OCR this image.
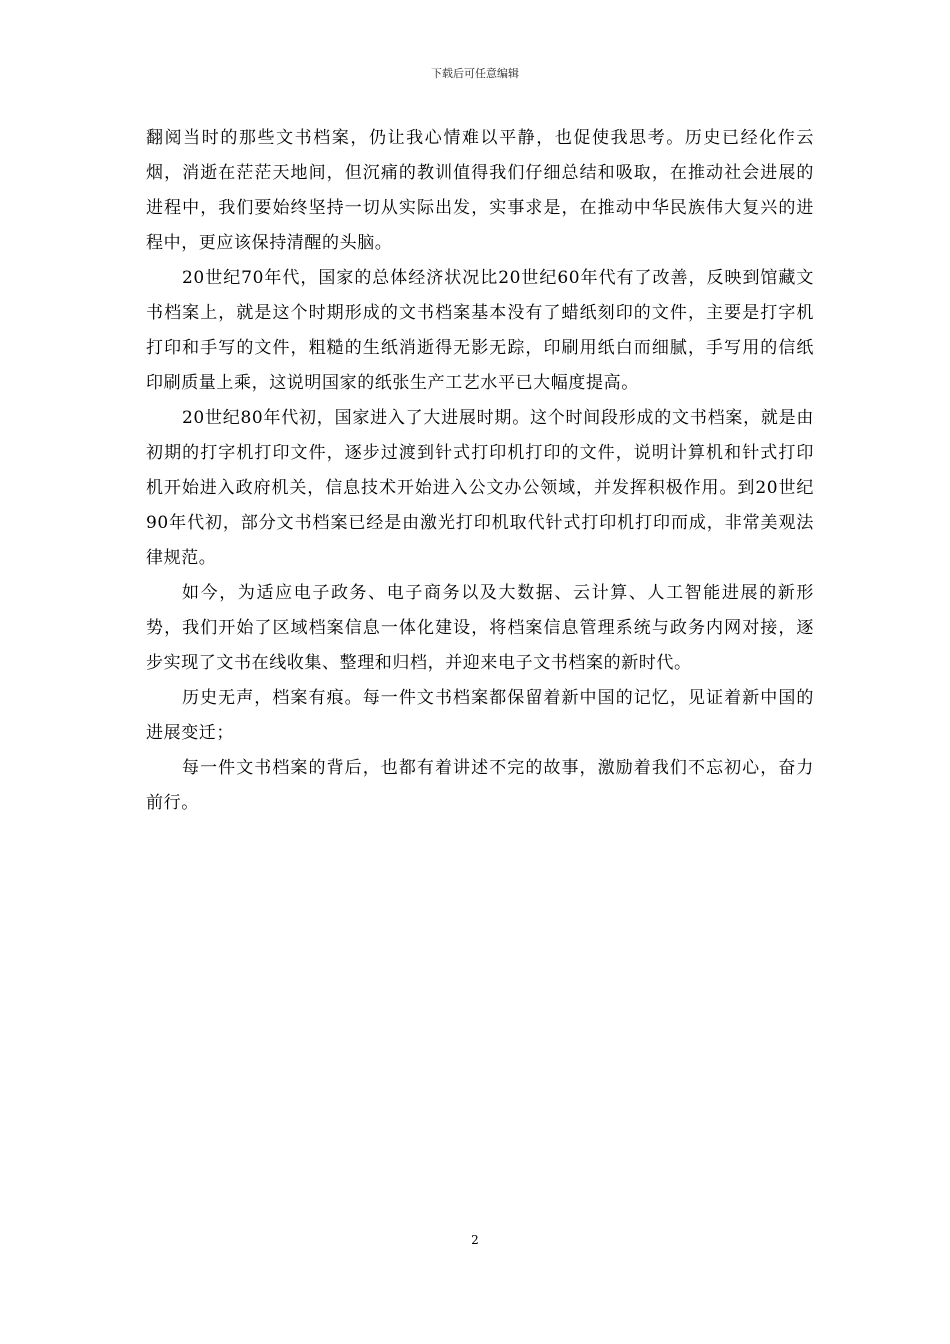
下载后可任意编辑

翻阅当时的那些文书档案，仍让我心情难以平静，也促使我思考。历史已经化作云烟，消逝在茫茫天地间，但沉痛的教训值得我们仔细总结和吸取，在推动社会进展的进程中，我们要始终坚持一切从实际出发，实事求是，在推动中华民族伟大复兴的进程中，更应该保持清醒的头脑。

20世纪70年代，国家的总体经济状况比20世纪60年代有了改善，反映到馆藏文书档案上，就是这个时期形成的文书档案基本没有了蜡纸刻印的文件，主要是打字机打印和手写的文件，粗糙的生纸消逝得无影无踪，印刷用纸白而细腻，手写用的信纸印刷质量上乘，这说明国家的纸张生产工艺水平已大幅度提高。

20世纪80年代初，国家进入了大进展时期。这个时间段形成的文书档案，就是由初期的打字机打印文件，逐步过渡到针式打印机打印的文件，说明计算机和针式打印机开始进入政府机关，信息技术开始进入公文办公领域，并发挥积极作用。到20世纪90年代初，部分文书档案已经是由激光打印机取代针式打印机打印而成，非常美观法律规范。

如今，为适应电子政务、电子商务以及大数据、云计算、人工智能进展的新形势，我们开始了区域档案信息一体化建设，将档案信息管理系统与政务内网对接，逐步实现了文书在线收集、整理和归档，并迎来电子文书档案的新时代。

历史无声，档案有痕。每一件文书档案都保留着新中国的记忆，见证着新中国的进展变迁；

每一件文书档案的背后，也都有着讲述不完的故事，激励着我们不忘初心，奋力前行。

2
